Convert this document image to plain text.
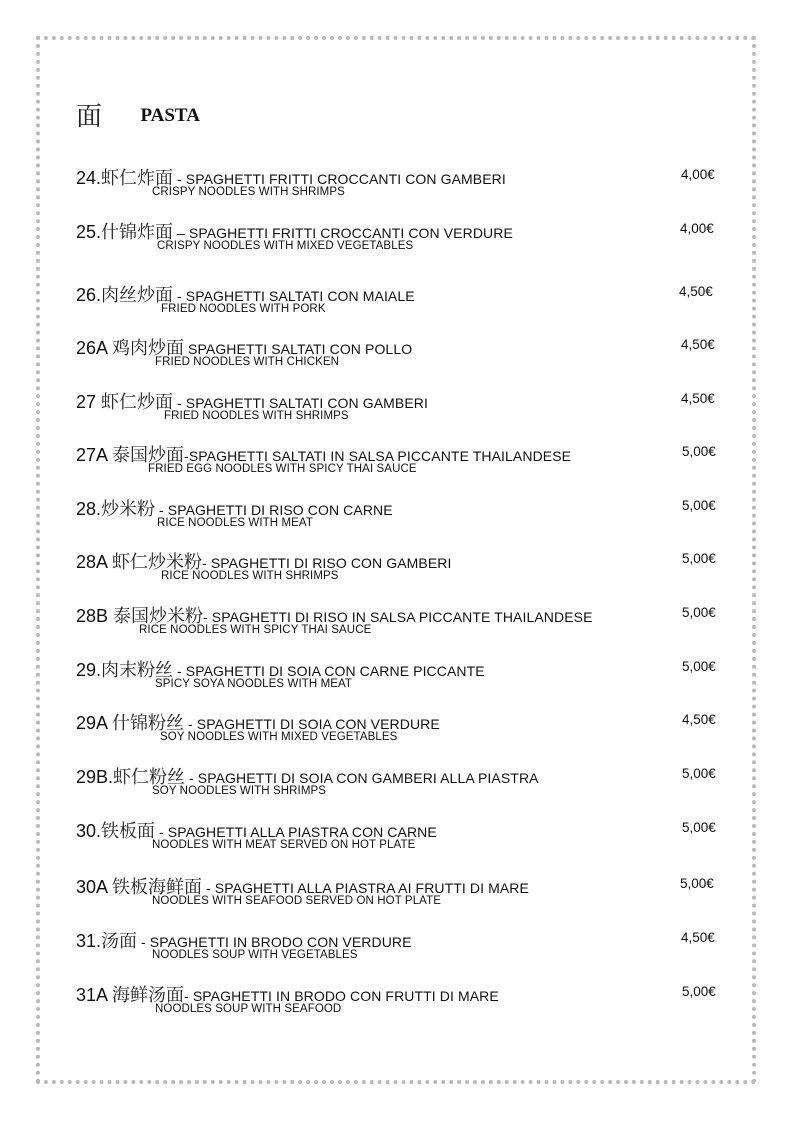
面 PASTA
24.虾仁炸面 - SPAGHETTI FRITTI CROCCANTI CON GAMBERI	4,00€
CRISPY NOODLES WITH SHRIMPS
25.什锦炸面 – SPAGHETTI FRITTI CROCCANTI CON VERDURE	4,00€
CRISPY NOODLES WITH MIXED VEGETABLES
26.肉丝炒面 - SPAGHETTI SALTATI CON MAIALE	4,50€
FRIED NOODLES WITH PORK
26A 鸡肉炒面 SPAGHETTI SALTATI CON POLLO	4,50€
FRIED NOODLES WITH CHICKEN
27 虾仁炒面 - SPAGHETTI SALTATI CON GAMBERI	4,50€
FRIED NOODLES WITH SHRIMPS
27A 泰国炒面-SPAGHETTI SALTATI IN SALSA PICCANTE THAILANDESE	5,00€
FRIED EGG NOODLES WITH SPICY THAI SAUCE
28.炒米粉 - SPAGHETTI DI RISO CON CARNE	5,00€
RICE NOODLES WITH MEAT
28A 虾仁炒米粉- SPAGHETTI DI RISO CON GAMBERI	5,00€
RICE NOODLES WITH SHRIMPS
28B 泰国炒米粉- SPAGHETTI DI RISO IN SALSA PICCANTE THAILANDESE	5,00€
RICE NOODLES WITH SPICY THAI SAUCE
29.肉末粉丝 - SPAGHETTI DI SOIA CON CARNE PICCANTE	5,00€
SPICY SOYA NOODLES WITH MEAT
29A 什锦粉丝 - SPAGHETTI DI SOIA CON VERDURE	4,50€
SOY NOODLES WITH MIXED VEGETABLES
29B.虾仁粉丝 - SPAGHETTI DI SOIA CON GAMBERI ALLA PIASTRA	5,00€
SOY NOODLES WITH SHRIMPS
30.铁板面 - SPAGHETTI ALLA PIASTRA CON CARNE	5,00€
NOODLES WITH MEAT SERVED ON HOT PLATE
30A 铁板海鲜面 - SPAGHETTI ALLA PIASTRA AI FRUTTI DI MARE	5,00€
NOODLES WITH SEAFOOD SERVED ON HOT PLATE
31.汤面 - SPAGHETTI IN BRODO CON VERDURE	4,50€
NOODLES SOUP WITH VEGETABLES
31A 海鲜汤面- SPAGHETTI IN BRODO CON FRUTTI DI MARE	5,00€
NOODLES SOUP WITH SEAFOOD
